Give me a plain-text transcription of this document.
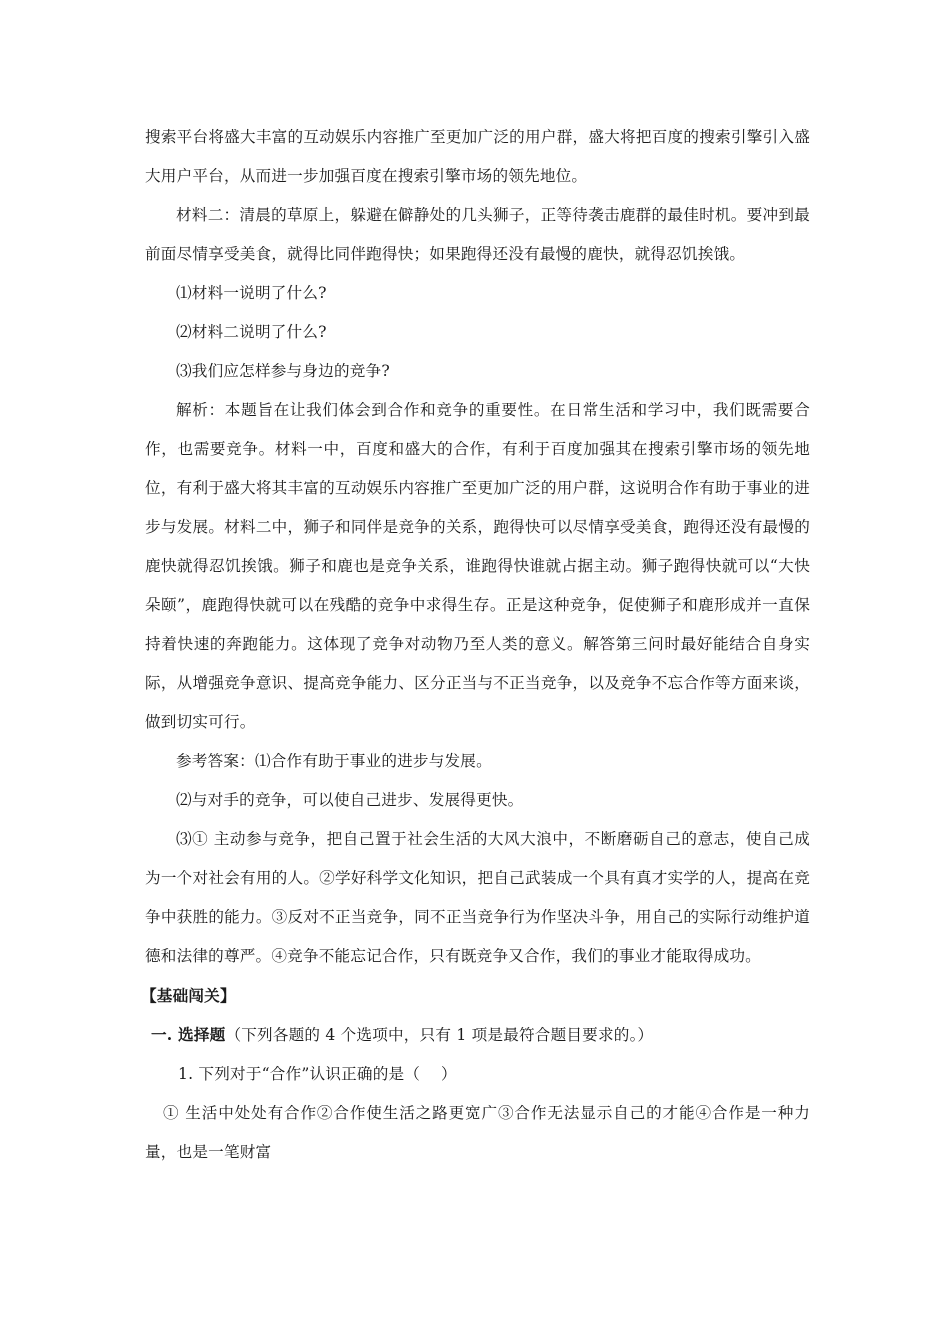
搜索平台将盛大丰富的互动娱乐内容推广至更加广泛的用户群，盛大将把百度的搜索引擎引入盛大用户平台，从而进一步加强百度在搜索引擎市场的领先地位。

材料二：清晨的草原上，躲避在僻静处的几头狮子，正等待袭击鹿群的最佳时机。要冲到最前面尽情享受美食，就得比同伴跑得快；如果跑得还没有最慢的鹿快，就得忍饥挨饿。

⑴材料一说明了什么?

⑵材料二说明了什么?

⑶我们应怎样参与身边的竞争?

解析：本题旨在让我们体会到合作和竞争的重要性。在日常生活和学习中，我们既需要合作，也需要竞争。材料一中，百度和盛大的合作，有利于百度加强其在搜索引擎市场的领先地位，有利于盛大将其丰富的互动娱乐内容推广至更加广泛的用户群，这说明合作有助于事业的进步与发展。材料二中，狮子和同伴是竞争的关系，跑得快可以尽情享受美食，跑得还没有最慢的鹿快就得忍饥挨饿。狮子和鹿也是竞争关系，谁跑得快谁就占据主动。狮子跑得快就可以“大快朵颐”，鹿跑得快就可以在残酷的竞争中求得生存。正是这种竞争，促使狮子和鹿形成并一直保持着快速的奔跑能力。这体现了竞争对动物乃至人类的意义。解答第三问时最好能结合自身实际，从增强竞争意识、提高竞争能力、区分正当与不正当竞争，以及竞争不忘合作等方面来谈，做到切实可行。

参考答案：⑴合作有助于事业的进步与发展。

⑵与对手的竞争，可以使自己进步、发展得更快。

⑶① 主动参与竞争，把自己置于社会生活的大风大浪中，不断磨砺自己的意志，使自己成为一个对社会有用的人。②学好科学文化知识，把自己武装成一个具有真才实学的人，提高在竞争中获胜的能力。③反对不正当竞争，同不正当竞争行为作坚决斗争，用自己的实际行动维护道德和法律的尊严。④竞争不能忘记合作，只有既竞争又合作，我们的事业才能取得成功。

【基础闯关】

一. 选择题（下列各题的 4 个选项中，只有 1 项是最符合题目要求的。）

1. 下列对于“合作”认识正确的是（　 ）

① 生活中处处有合作②合作使生活之路更宽广③合作无法显示自己的才能④合作是一种力量，也是一笔财富
